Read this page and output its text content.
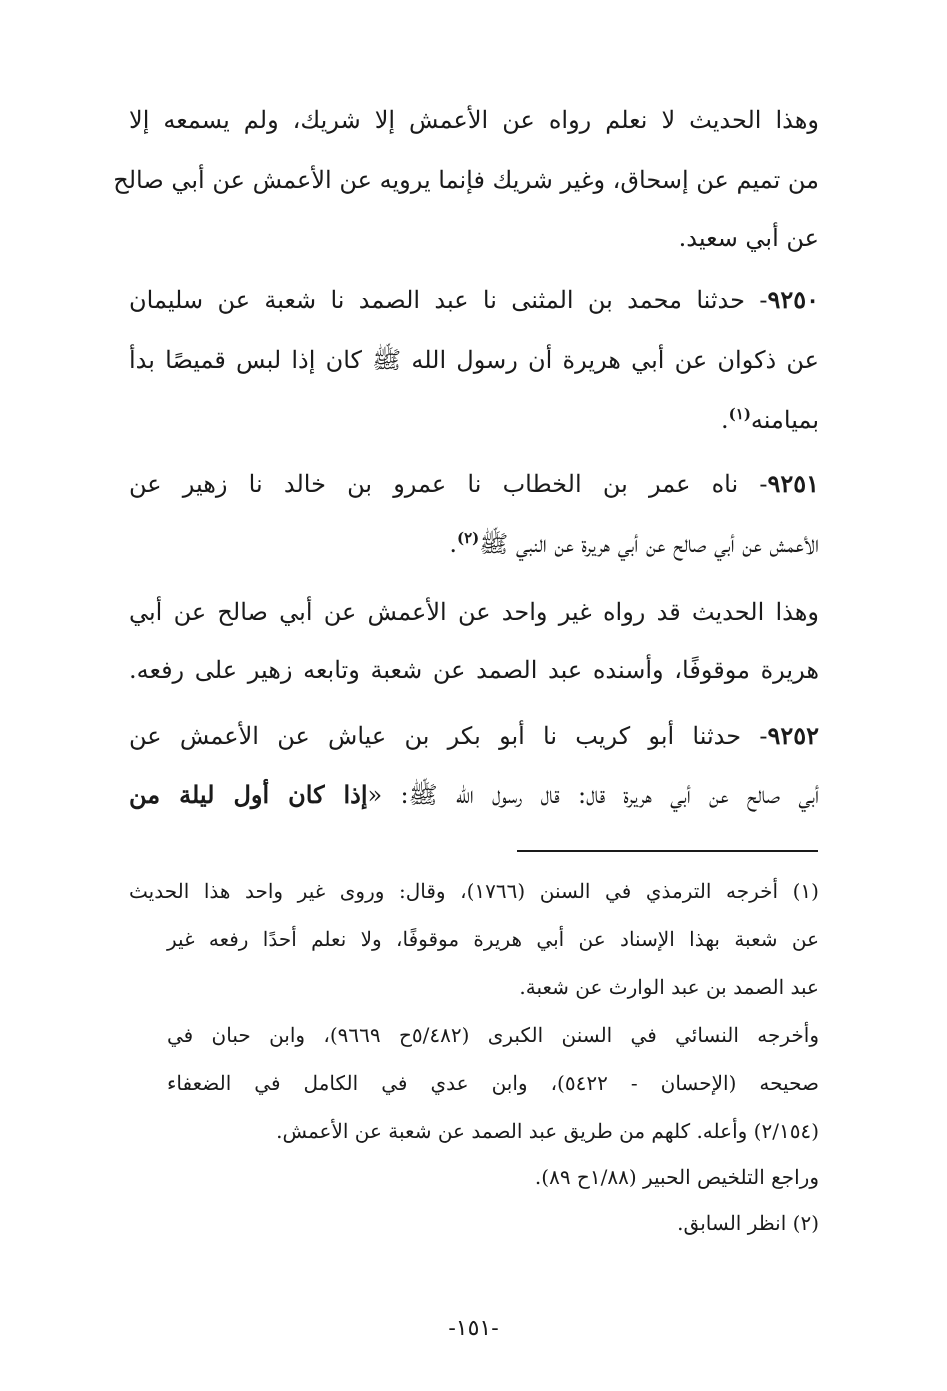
وهذا الحديث لا نعلم رواه عن الأعمش إلا شريك، ولم يسمعه إلا
من تميم عن إسحاق، وغير شريك فإنما يرويه عن الأعمش عن أبي صالح
عن أبي سعيد.
٩٢٥٠- حدثنا محمد بن المثنى نا عبد الصمد نا شعبة عن سليمان
عن ذكوان عن أبي هريرة أن رسول الله ﷺ كان إذا لبس قميصًا بدأ
بميامنه$^{(١)}$.
٩٢٥١- ناه عمر بن الخطاب نا عمرو بن خالد نا زهير عن
الأعمش عن أبي صالح عن أبي هريرة عن النبي ﷺ$^{(٢)}$.
وهذا الحديث قد رواه غير واحد عن الأعمش عن أبي صالح عن أبي
هريرة موقوفًا، وأسنده عبد الصمد عن شعبة وتابعه زهير على رفعه.
٩٢٥٢- حدثنا أبو كريب نا أبو بكر بن عياش عن الأعمش عن
أبي صالح عن أبي هريرة قال: قال رسول الله ﷺ: «إذا كان أول ليلة من
(١) أخرجه الترمذي في السنن (١٧٦٦)، وقال: وروى غير واحد هذا الحديث
عن شعبة بهذا الإسناد عن أبي هريرة موقوفًا، ولا نعلم أحدًا رفعه غير
عبد الصمد بن عبد الوارث عن شعبة.
وأخرجه النسائي في السنن الكبرى (٥/٤٨٢ح ٩٦٦٩)، وابن حبان في
صحيحه (الإحسان - ٥٤٢٢)، وابن عدي في الكامل في الضعفاء
(٢/١٥٤) وأعله. كلهم من طريق عبد الصمد عن شعبة عن الأعمش.
وراجع التلخيص الحبير (١/٨٨ح ٨٩).
(٢) انظر السابق.
-١٥١-
